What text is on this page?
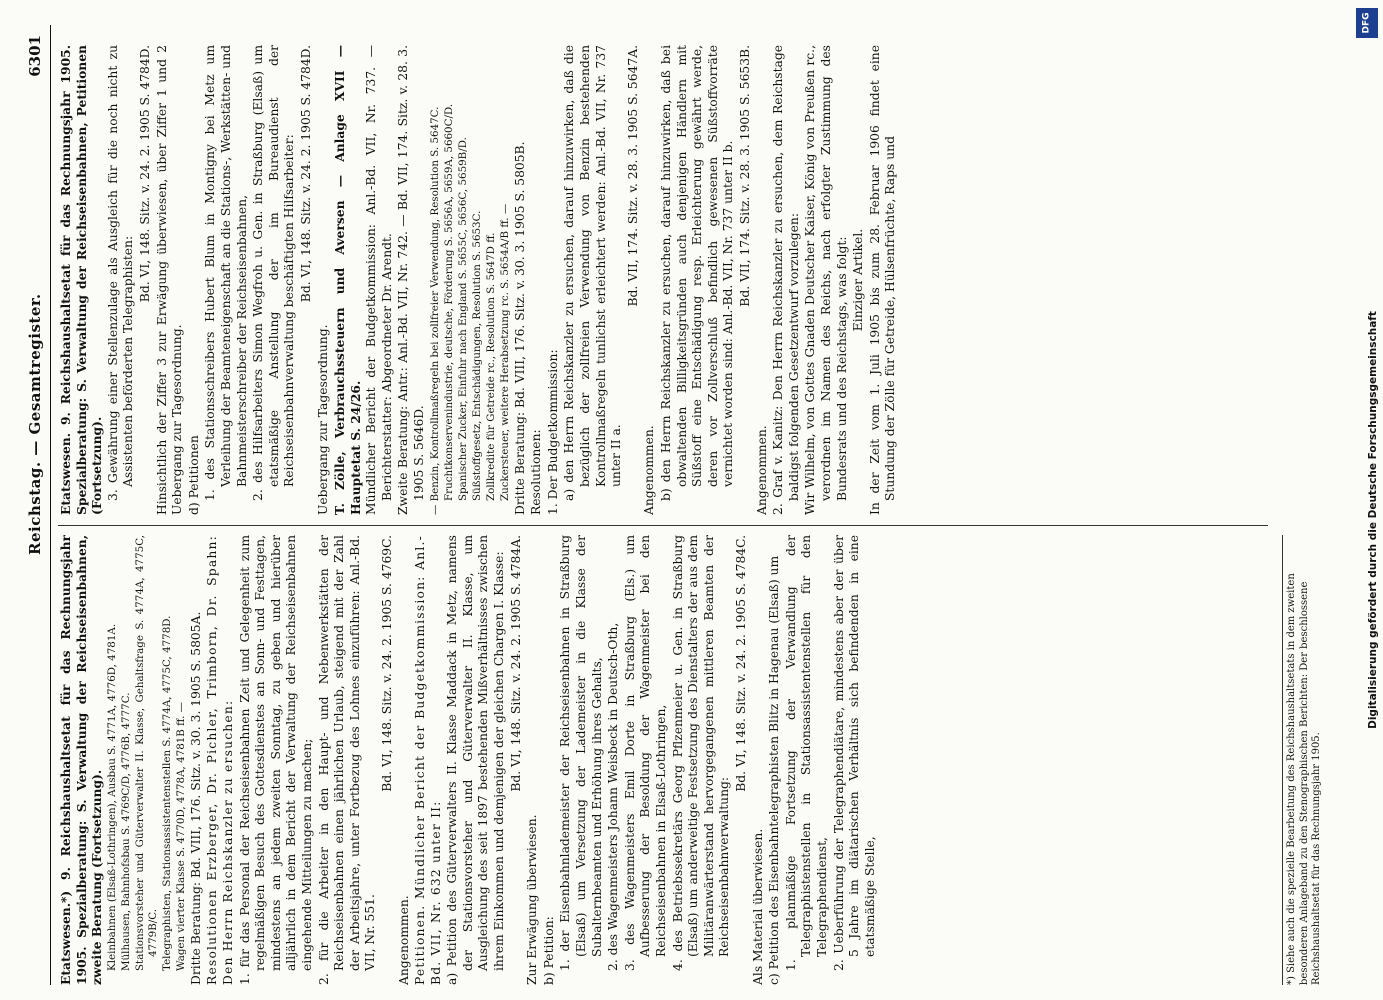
Reichstag. — Gesamtregister.
6301

Etatswesen.*) 9. Reichshaushaltsetat für das Rechnungsjahr 1905. Spezialberatung: S. Verwaltung der Reichseisenbahnen, zweite Beratung (Fortsetzung). Kleinbahnen (Elsaß-Lothringen), Ausbau S. 4771A, 4776D, 4781A. Mülhausen, Bahnhofsbau S. 4769C/D, 4776B, 4777C. Stationsvorsteher und Güterverwalter II. Klasse, Gehaltsfrage S. 4774A, 4775C, 4779B/C. Telegraphisten, Stationsassistentenstellen S. 4774A, 4775C, 4778D. Wagen vierter Klasse S. 4770D, 4778A, 4781B ff. — Dritte Beratung: Bd. VIII, 176. Sitz. v. 30. 3. 1905 S. 5805A. Resolutionen Erzberger, Dr. Pichler, Trimborn, Dr. Spahn: Den Herrn Reichskanzler zu ersuchen: 1. für das Personal der Reichseisenbahnen Zeit und Gelegenheit zum regelmäßigen Besuch des Gottesdienstes an Sonn- und Festtagen, mindestens an jedem zweiten Sonntag, zu geben und hierüber alljährlich in dem Bericht der Verwaltung der Reichseisenbahnen eingehende Mitteilungen zu machen; 2. für die Arbeiter in den Haupt- und Nebenwerkstätten der Reichseisenbahnen einen jährlichen Urlaub, steigend mit der Zahl der Arbeitsjahre, unter Fortbezug des Lohnes einzuführen: Anl.-Bd. VII, Nr. 551.

Bd. VI, 148. Sitz. v. 24. 2. 1905 S. 4769C.

Angenommen. Petitionen. Mündlicher Bericht der Budgetkommission: Anl.-Bd. VII, Nr. 632 unter II: a) Petition des Güterverwalters II. Klasse Maddack in Metz, namens der Stationsvorsteher und Güterverwalter II. Klasse, um Ausgleichung des seit 1897 bestehenden Mißverhältnisses zwischen ihrem Einkommen und demjenigen der gleichen Chargen I. Klasse: Bd. VI, 148. Sitz. v. 24. 2. 1905 S. 4784A.

Zur Erwägung überwiesen. b) Petition: 1. der Eisenbahnlademeister der Reichseisenbahnen in Straßburg (Elsaß) um Versetzung der Lademeister in die Klasse der Subalternbeamten und Erhöhung ihres Gehalts, 2. des Wagenmeisters Johann Weisbeck in Deutsch-Oth, 3. des Wagenmeisters Emil Dorte in Straßburg (Els.) um Aufbesserung der Besoldung der Wagenmeister bei den Reichseisenbahnen in Elsaß-Lothringen, 4. des Betriebssekretärs Georg Pflzenmeier u. Gen. in Straßburg (Elsaß) um anderweitige Festsetzung des Dienstalters der aus dem Militäranwärterstand hervorgegangenen mittleren Beamten der Reichseisenbahnverwaltung:

Bd. VI, 148. Sitz. v. 24. 2. 1905 S. 4784C.

Als Material überwiesen. c) Petition des Eisenbahntelegraphisten Blitz in Hagenau (Elsaß) um 1. planmäßige Fortsetzung der Verwandlung der Telegraphistenstellen in Stationsassistentenstellen für den Telegraphendienst, 2. Ueberführung der Telegraphendiätare, mindestens aber der über 5 Jahre im diätarischen Verhältnis sich befindenden in eine etatsmäßige Stelle,

Etatswesen. 9. Reichshaushaltsetat für das Rechnungsjahr 1905. Spezialberatung: S. Verwaltung der Reichseisenbahnen, Petitionen (Fortsetzung). 3. Gewährung einer Stellenzulage als Ausgleich für die noch nicht zu Assistenten beförderten Telegraphisten:

Bd. VI, 148. Sitz. v. 24. 2. 1905 S. 4784D. Hinsichtlich der Ziffer 3 zur Erwägung überwiesen, über Ziffer 1 und 2 Uebergang zur Tagesordnung. d) Petitionen 1. des Stationsschreibers Hubert Blum in Montigny bei Metz um Verleihung der Beamteneigenschaft an die Stations-, Werkstätten- und Bahnmeisterschreiber der Reichseisenbahnen, 2. des Hilfsarbeiters Simon Wegfroh u. Gen. in Straßburg (Elsaß) um etatsmäßige Anstellung der im Bureaudienst der Reichseisenbahnverwaltung beschäftigten Hilfsarbeiter: Bd. VI, 148. Sitz. v. 24. 2. 1905 S. 4784D.

Uebergang zur Tagesordnung. T. Zölle, Verbrauchssteuern und Aversen — Anlage XVII — Hauptetat S. 24/26. Mündlicher Bericht der Budgetkommission: Anl.-Bd. VII, Nr. 737. — Berichterstatter: Abgeordneter Dr. Arendt. Zweite Beratung: Antr.: Anl.-Bd. VII, Nr. 742. — Bd. VII, 174. Sitz. v. 28. 3. 1905 S. 5646D. — Benzin, Kontrollmaßregeln bei zollfreier Verwendung, Resolution S. 5647C. Fruchtkonservenindustrie, deutsche, Förderung S. 5656A, 5659A, 5660C/D. Spanischer Zucker, Einfuhr nach England S. 5655C, 5656C, 5659B/D. Süßstoffgesetz, Entschädigungen, Resolution S. 5653C. Zollkredite für Getreide rc., Resolution S. 5647D ff. Zuckersteuer, weitere Herabsetzung rc. S. 5654A/B ff. — Dritte Beratung: Bd. VIII, 176. Sitz. v. 30. 3. 1905 S. 5805B. Resolutionen: 1. Der Budgetkommission: a) den Herrn Reichskanzler zu ersuchen, darauf hinzuwirken, daß die bezüglich der zollfreien Verwendung von Benzin bestehenden Kontrollmaßregeln tunlichst erleichtert werden: Anl.-Bd. VII, Nr. 737 unter II a.

Bd. VII, 174. Sitz. v. 28. 3. 1905 S. 5647A.

Angenommen. b) den Herrn Reichskanzler zu ersuchen, darauf hinzuwirken, daß bei obwaltenden Billigkeitsgründen auch denjenigen Händlern mit Süßstoff eine Entschädigung resp. Erleichterung gewährt werde, deren vor Zollverschluß befindlich gewesenen Süßstoffvorräte vernichtet worden sind: Anl.-Bd. VII, Nr. 737 unter II b. Bd. VII, 174. Sitz. v. 28. 3. 1905 S. 5653B.

Angenommen. 2. Graf v. Kanitz: Den Herrn Reichskanzler zu ersuchen, dem Reichstage baldigst folgenden Gesetzentwurf vorzulegen: Wir Wilhelm, von Gottes Gnaden Deutscher Kaiser, König von Preußen rc., verordnen im Namen des Reichs, nach erfolgter Zustimmung des Bundesrats und des Reichstags, was folgt: Einziger Artikel. In der Zeit vom 1. Juli 1905 bis zum 28. Februar 1906 findet eine Stundung der Zölle für Getreide, Hülsenfrüchte, Raps und

*) Siehe auch die spezielle Bearbeitung des Reichshaushaltsetats in dem zweiten besonderen Anlageband zu den Stenographischen Berichten: Der beschlossene Reichshaushaltsetat für das Rechnungsjahr 1905.
DFG
Digitalisierung gefördert durch die Deutsche Forschungsgemeinschaft
